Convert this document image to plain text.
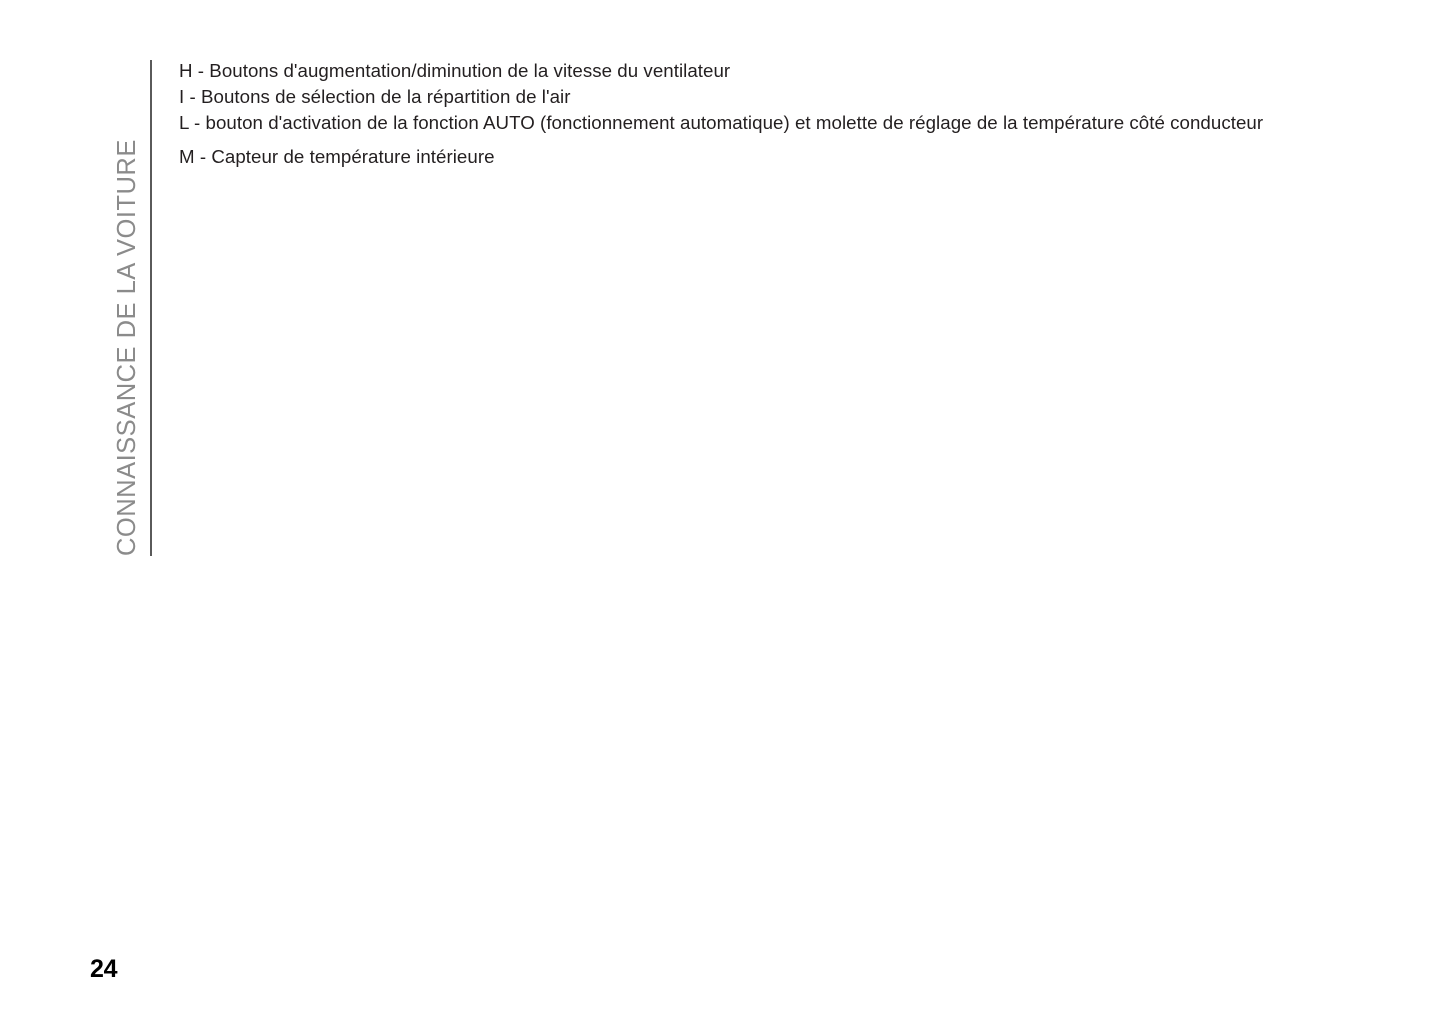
CONNAISSANCE DE LA VOITURE

H - Boutons d'augmentation/diminution de la vitesse du ventilateur

I - Boutons de sélection de la répartition de l'air

L - bouton d'activation de la fonction AUTO (fonctionnement automatique) et molette de réglage de la température côté conducteur

M - Capteur de température intérieure

24
